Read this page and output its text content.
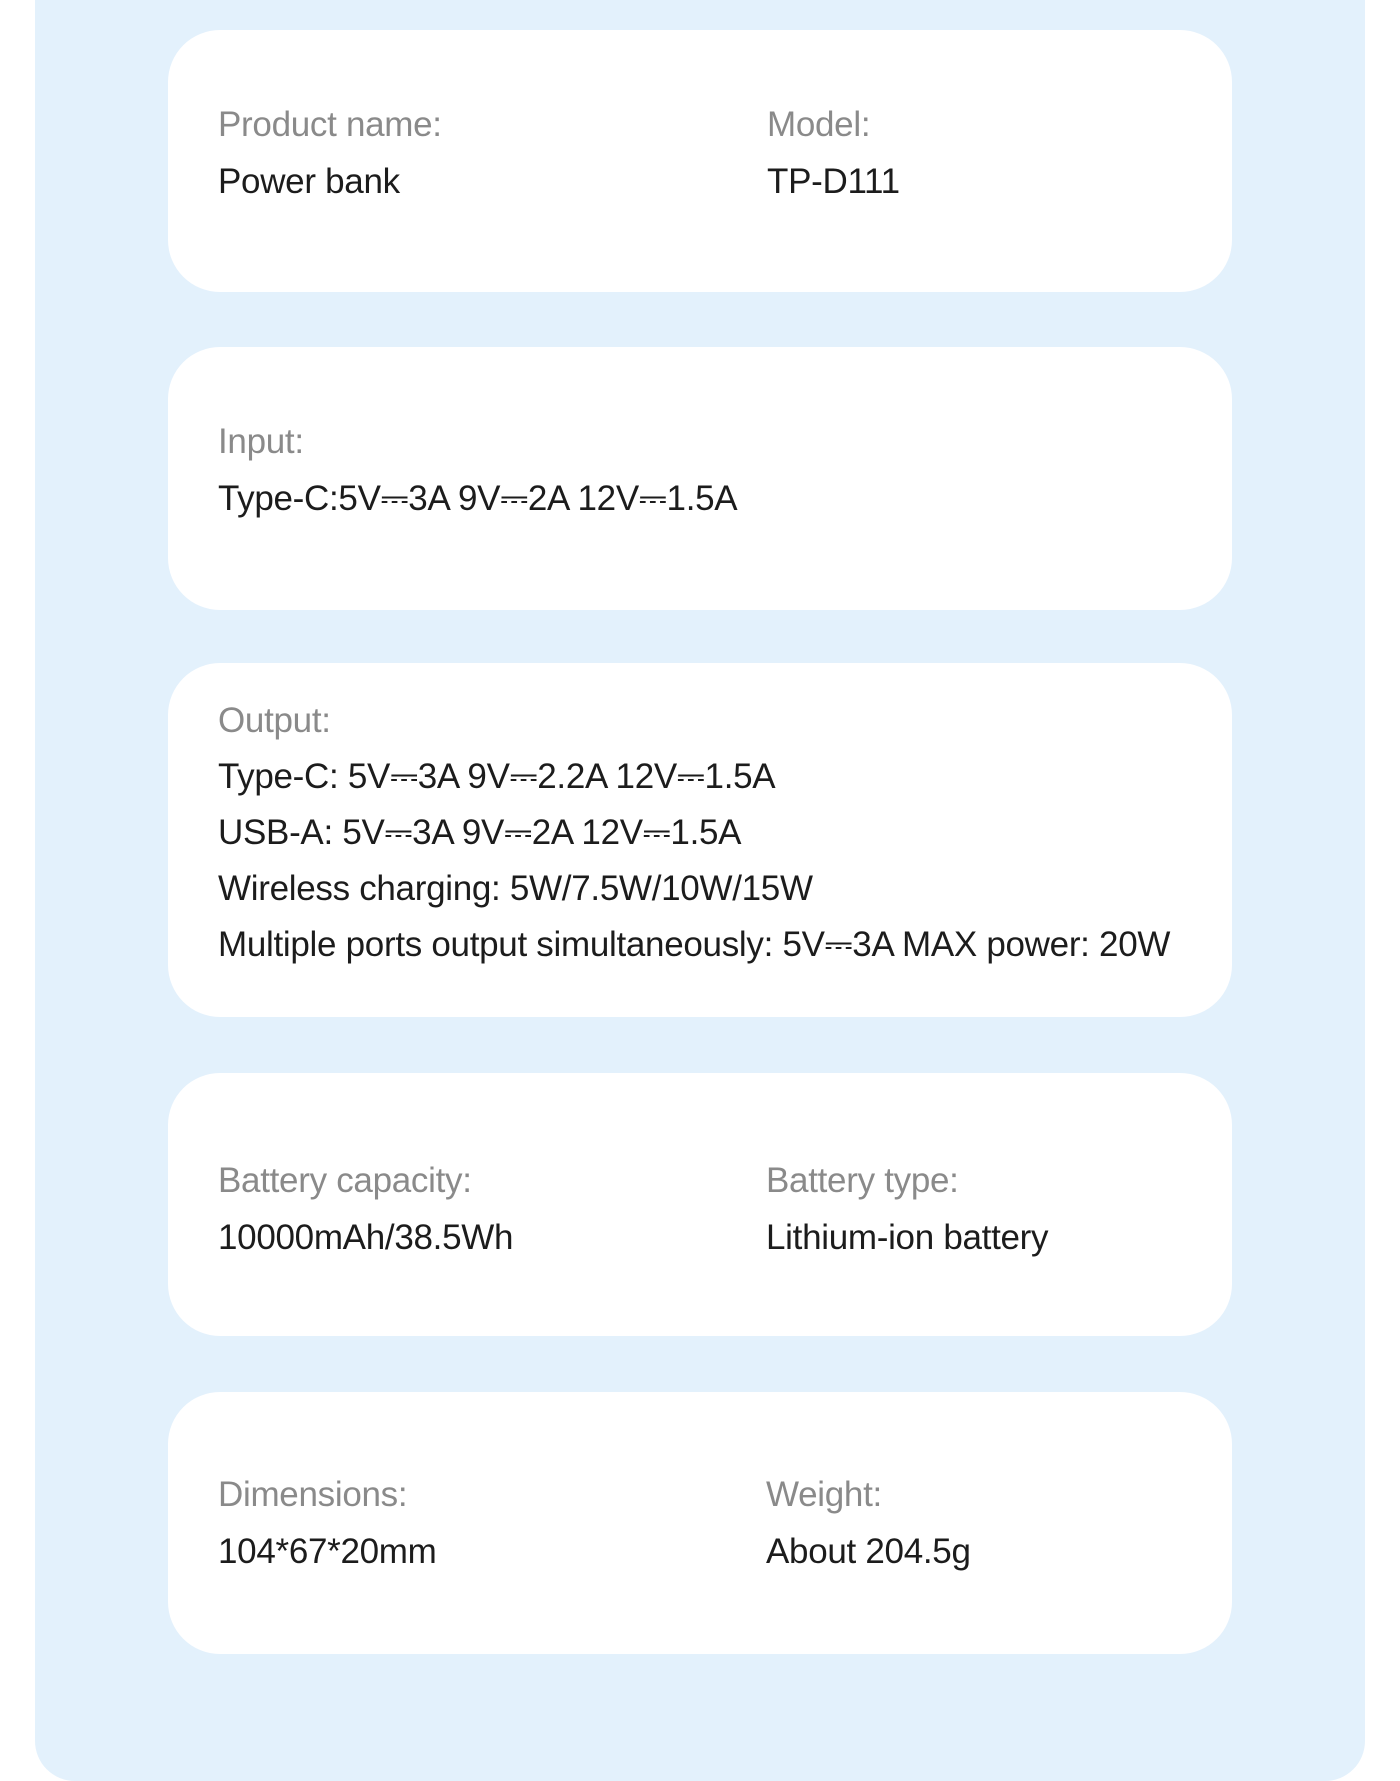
Product name:
Power bank
Model:
TP-D111
Input:
Type-C:5V⎓3A 9V⎓2A 12V⎓1.5A
Output:
Type-C: 5V⎓3A 9V⎓2.2A 12V⎓1.5A
USB-A: 5V⎓3A 9V⎓2A 12V⎓1.5A
Wireless charging: 5W/7.5W/10W/15W
Multiple ports output simultaneously: 5V⎓3A MAX power: 20W
Battery capacity:
10000mAh/38.5Wh
Battery type:
Lithium-ion battery
Dimensions:
104*67*20mm
Weight:
About 204.5g
